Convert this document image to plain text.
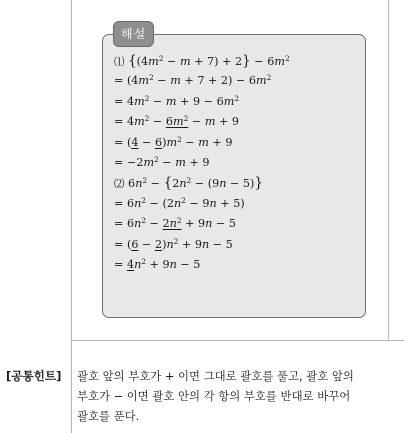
해설
⑴ $\{(4m^2 - m + 7) + 2\} - 6m^2$
= $(4m^2 - m + 7 + 2) - 6m^2$
= $4m^2 - m + 9 - 6m^2$
= $4m^2 - 6m^2 - m + 9$
= $(4 - 6)m^2 - m + 9$
= $-2m^2 - m + 9$
⑵ $6n^2 - \{2n^2 - (9n - 5)\}$
= $6n^2 - (2n^2 - 9n + 5)$
= $6n^2 - 2n^2 + 9n - 5$
= $(6 - 2)n^2 + 9n - 5$
= $4n^2 + 9n - 5$
[공통힌트] 괄호 앞의 부호가 + 이면 그대로 괄호를 풀고, 괄호 앞의
부호가 − 이면 괄호 안의 각 항의 부호를 반대로 바꾸어
괄호를 푼다.
